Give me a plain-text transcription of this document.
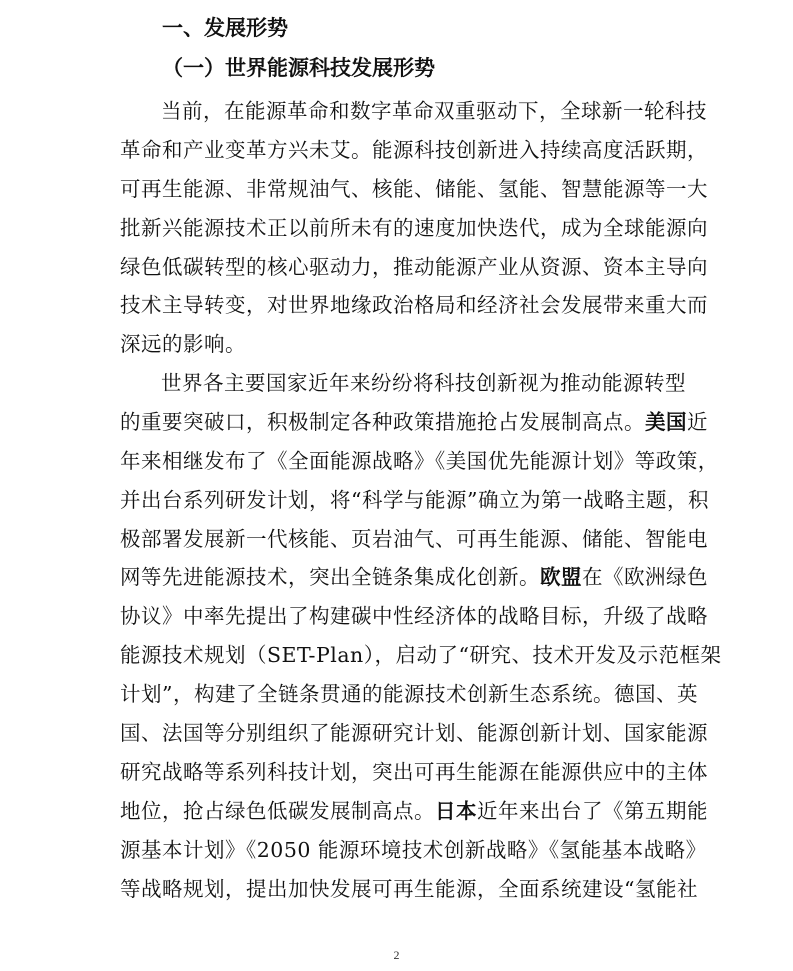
一、发展形势
（一）世界能源科技发展形势
当前，在能源革命和数字革命双重驱动下，全球新一轮科技
革命和产业变革方兴未艾。能源科技创新进入持续高度活跃期，
可再生能源、非常规油气、核能、储能、氢能、智慧能源等一大
批新兴能源技术正以前所未有的速度加快迭代，成为全球能源向
绿色低碳转型的核心驱动力，推动能源产业从资源、资本主导向
技术主导转变，对世界地缘政治格局和经济社会发展带来重大而
深远的影响。
世界各主要国家近年来纷纷将科技创新视为推动能源转型
的重要突破口，积极制定各种政策措施抢占发展制高点。美国近
年来相继发布了《全面能源战略》《美国优先能源计划》等政策，
并出台系列研发计划，将“科学与能源”确立为第一战略主题，积
极部署发展新一代核能、页岩油气、可再生能源、储能、智能电
网等先进能源技术，突出全链条集成化创新。欧盟在《欧洲绿色
协议》中率先提出了构建碳中性经济体的战略目标，升级了战略
能源技术规划（SET-Plan），启动了“研究、技术开发及示范框架
计划”，构建了全链条贯通的能源技术创新生态系统。德国、英
国、法国等分别组织了能源研究计划、能源创新计划、国家能源
研究战略等系列科技计划，突出可再生能源在能源供应中的主体
地位，抢占绿色低碳发展制高点。日本近年来出台了《第五期能
源基本计划》《2050 能源环境技术创新战略》《氢能基本战略》
等战略规划，提出加快发展可再生能源，全面系统建设“氢能社
2
